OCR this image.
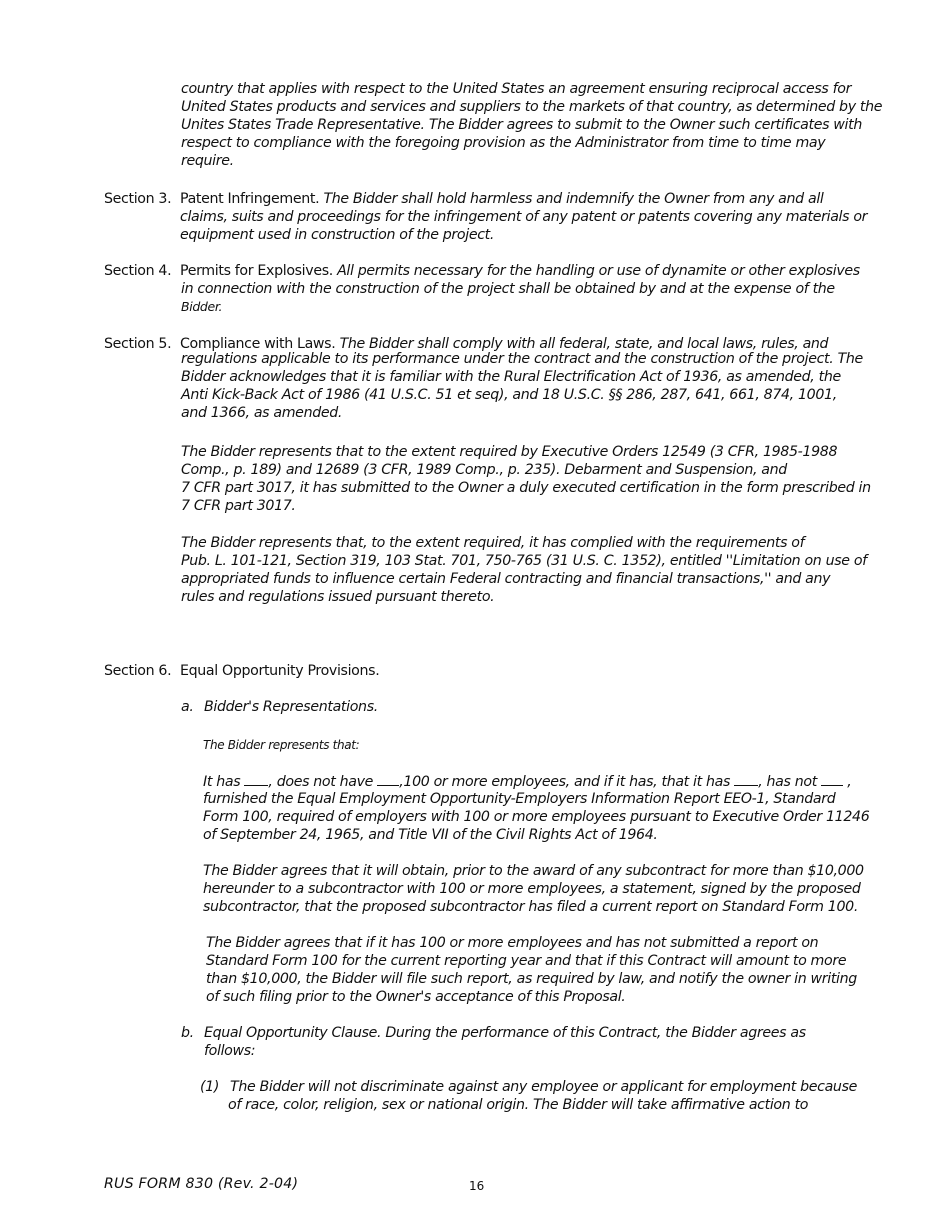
country that applies with respect to the United States an agreement ensuring reciprocal access for
United States products and services and suppliers to the markets of that country, as determined by the
Unites States Trade Representative. The Bidder agrees to submit to the Owner such certificates with
respect to compliance with the foregoing provision as the Administrator from time to time may
require.
Section 3. Patent Infringement. The Bidder shall hold harmless and indemnify the Owner from any and all
claims, suits and proceedings for the infringement of any patent or patents covering any materials or
equipment used in construction of the project.
Section 4. Permits for Explosives. All permits necessary for the handling or use of dynamite or other explosives
in connection with the construction of the project shall be obtained by and at the expense of the
Bidder.
Section 5. Compliance with Laws. The Bidder shall comply with all federal, state, and local laws, rules, and
regulations applicable to its performance under the contract and the construction of the project. The
Bidder acknowledges that it is familiar with the Rural Electrification Act of 1936, as amended, the
Anti Kick-Back Act of 1986 (41 U.S.C. 51 et seq), and 18 U.S.C. §§ 286, 287, 641, 661, 874, 1001,
and 1366, as amended.
The Bidder represents that to the extent required by Executive Orders 12549 (3 CFR, 1985-1988
Comp., p. 189) and 12689 (3 CFR, 1989 Comp., p. 235). Debarment and Suspension, and
7 CFR part 3017, it has submitted to the Owner a duly executed certification in the form prescribed in
7 CFR part 3017.
The Bidder represents that, to the extent required, it has complied with the requirements of
Pub. L. 101-121, Section 319, 103 Stat. 701, 750-765 (31 U.S. C. 1352), entitled ''Limitation on use of
appropriated funds to influence certain Federal contracting and financial transactions,'' and any
rules and regulations issued pursuant thereto.
Section 6. Equal Opportunity Provisions.
a. Bidder's Representations.
The Bidder represents that:
It has , does not have ,100 or more employees, and if it has, that it has , has not ,
furnished the Equal Employment Opportunity-Employers Information Report EEO-1, Standard
Form 100, required of employers with 100 or more employees pursuant to Executive Order 11246
of September 24, 1965, and Title VII of the Civil Rights Act of 1964.
The Bidder agrees that it will obtain, prior to the award of any subcontract for more than $10,000
hereunder to a subcontractor with 100 or more employees, a statement, signed by the proposed
subcontractor, that the proposed subcontractor has filed a current report on Standard Form 100.
The Bidder agrees that if it has 100 or more employees and has not submitted a report on
Standard Form 100 for the current reporting year and that if this Contract will amount to more
than $10,000, the Bidder will file such report, as required by law, and notify the owner in writing
of such filing prior to the Owner's acceptance of this Proposal.
b. Equal Opportunity Clause. During the performance of this Contract, the Bidder agrees as
follows:
(1) The Bidder will not discriminate against any employee or applicant for employment because
of race, color, religion, sex or national origin. The Bidder will take affirmative action to
RUS FORM 830 (Rev. 2-04)	16
